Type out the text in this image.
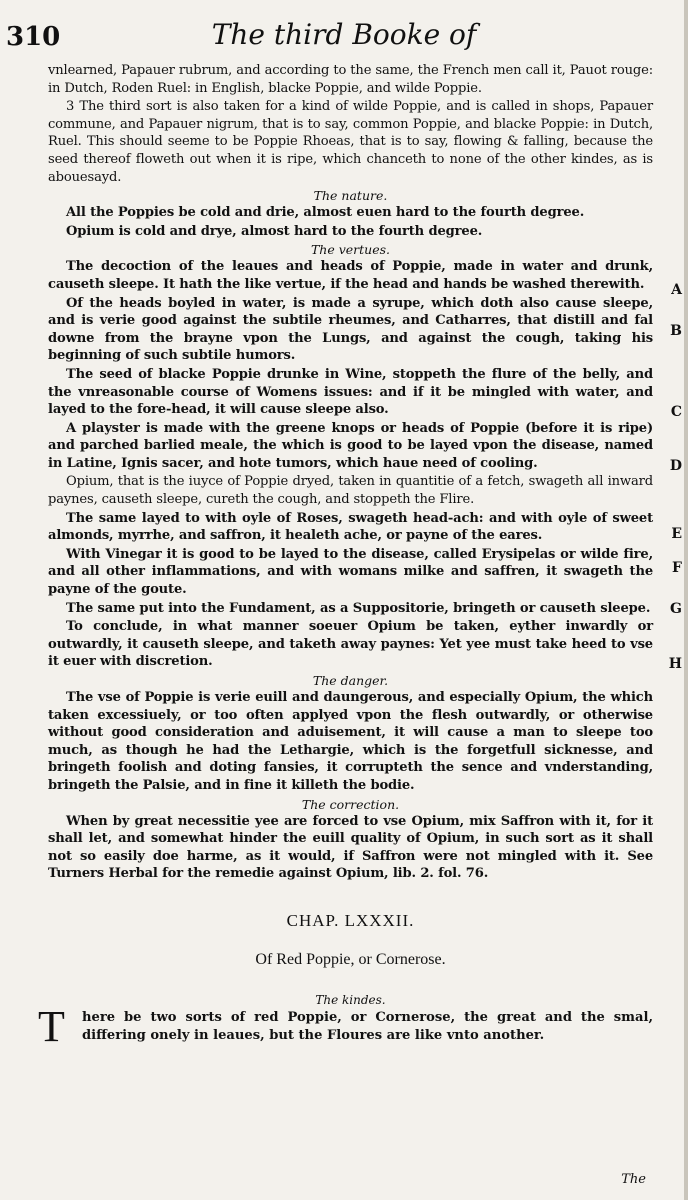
310	The third Booke of

vnlearned, Papauer rubrum, and according to the same, the French men call it, Pauot rouge: in Dutch, Roden Ruel: in English, blacke Poppie, and wilde Poppie.

3 The third sort is also taken for a kind of wilde Poppie, and is called in shops, Papauer commune, and Papauer nigrum, that is to say, common Poppie, and blacke Poppie: in Dutch, Ruel. This should seeme to be Poppie Rhoeas, that is to say, flowing & falling, because the seed thereof floweth out when it is ripe, which chanceth to none of the other kindes, as is abouesayd.

The nature.

All the Poppies be cold and drie, almost euen hard to the fourth degree.

Opium is cold and drye, almost hard to the fourth degree.

The vertues.

The decoction of the leaues and heads of Poppie, made in water and drunk, causeth sleepe. It hath the like vertue, if the head and hands be washed therewith.

Of the heads boyled in water, is made a syrupe, which doth also cause sleepe, and is verie good against the subtile rheumes, and Catharres, that distill and fal downe from the brayne vpon the Lungs, and against the cough, taking his beginning of such subtile humors.

The seed of blacke Poppie drunke in Wine, stoppeth the flure of the belly, and the vnreasonable course of Womens issues: and if it be mingled with water, and layed to the fore-head, it will cause sleepe also.

A playster is made with the greene knops or heads of Poppie (before it is ripe) and parched barlied meale, the which is good to be layed vpon the disease, named in Latine, Ignis sacer, and hote tumors, which haue need of cooling.

Opium, that is the iuyce of Poppie dryed, taken in quantitie of a fetch, swageth all inward paynes, causeth sleepe, cureth the cough, and stoppeth the Flire.

The same layed to with oyle of Roses, swageth head-ach: and with oyle of sweet almonds, myrrhe, and saffron, it healeth ache, or payne of the eares.

With Vinegar it is good to be layed to the disease, called Erysipelas or wilde fire, and all other inflammations, and with womans milke and saffren, it swageth the payne of the goute.

The same put into the Fundament, as a Suppositorie, bringeth or causeth sleepe.

To conclude, in what manner soeuer Opium be taken, eyther inwardly or outwardly, it causeth sleepe, and taketh away paynes: Yet yee must take heed to vse it euer with discretion.

The danger.

The vse of Poppie is verie euill and daungerous, and especially Opium, the which taken excessiuely, or too often applyed vpon the flesh outwardly, or otherwise without good consideration and aduisement, it will cause a man to sleepe too much, as though he had the Lethargie, which is the forgetfull sicknesse, and bringeth foolish and doting fansies, it corrupteth the sence and vnderstanding, bringeth the Palsie, and in fine it killeth the bodie.

The correction.

When by great necessitie yee are forced to vse Opium, mix Saffron with it, for it shall let, and somewhat hinder the euill quality of Opium, in such sort as it shall not so easily doe harme, as it would, if Saffron were not mingled with it. See Turners Herbal for the remedie against Opium, lib. 2. fol. 76.

CHAP. LXXXII.
Of Red Poppie, or Cornerose.
The kindes.
T here be two sorts of red Poppie, or Cornerose, the great and the smal, differing onely in leaues, but the Floures are like vnto another.
A
B
C
D
E
F
G
H
The
